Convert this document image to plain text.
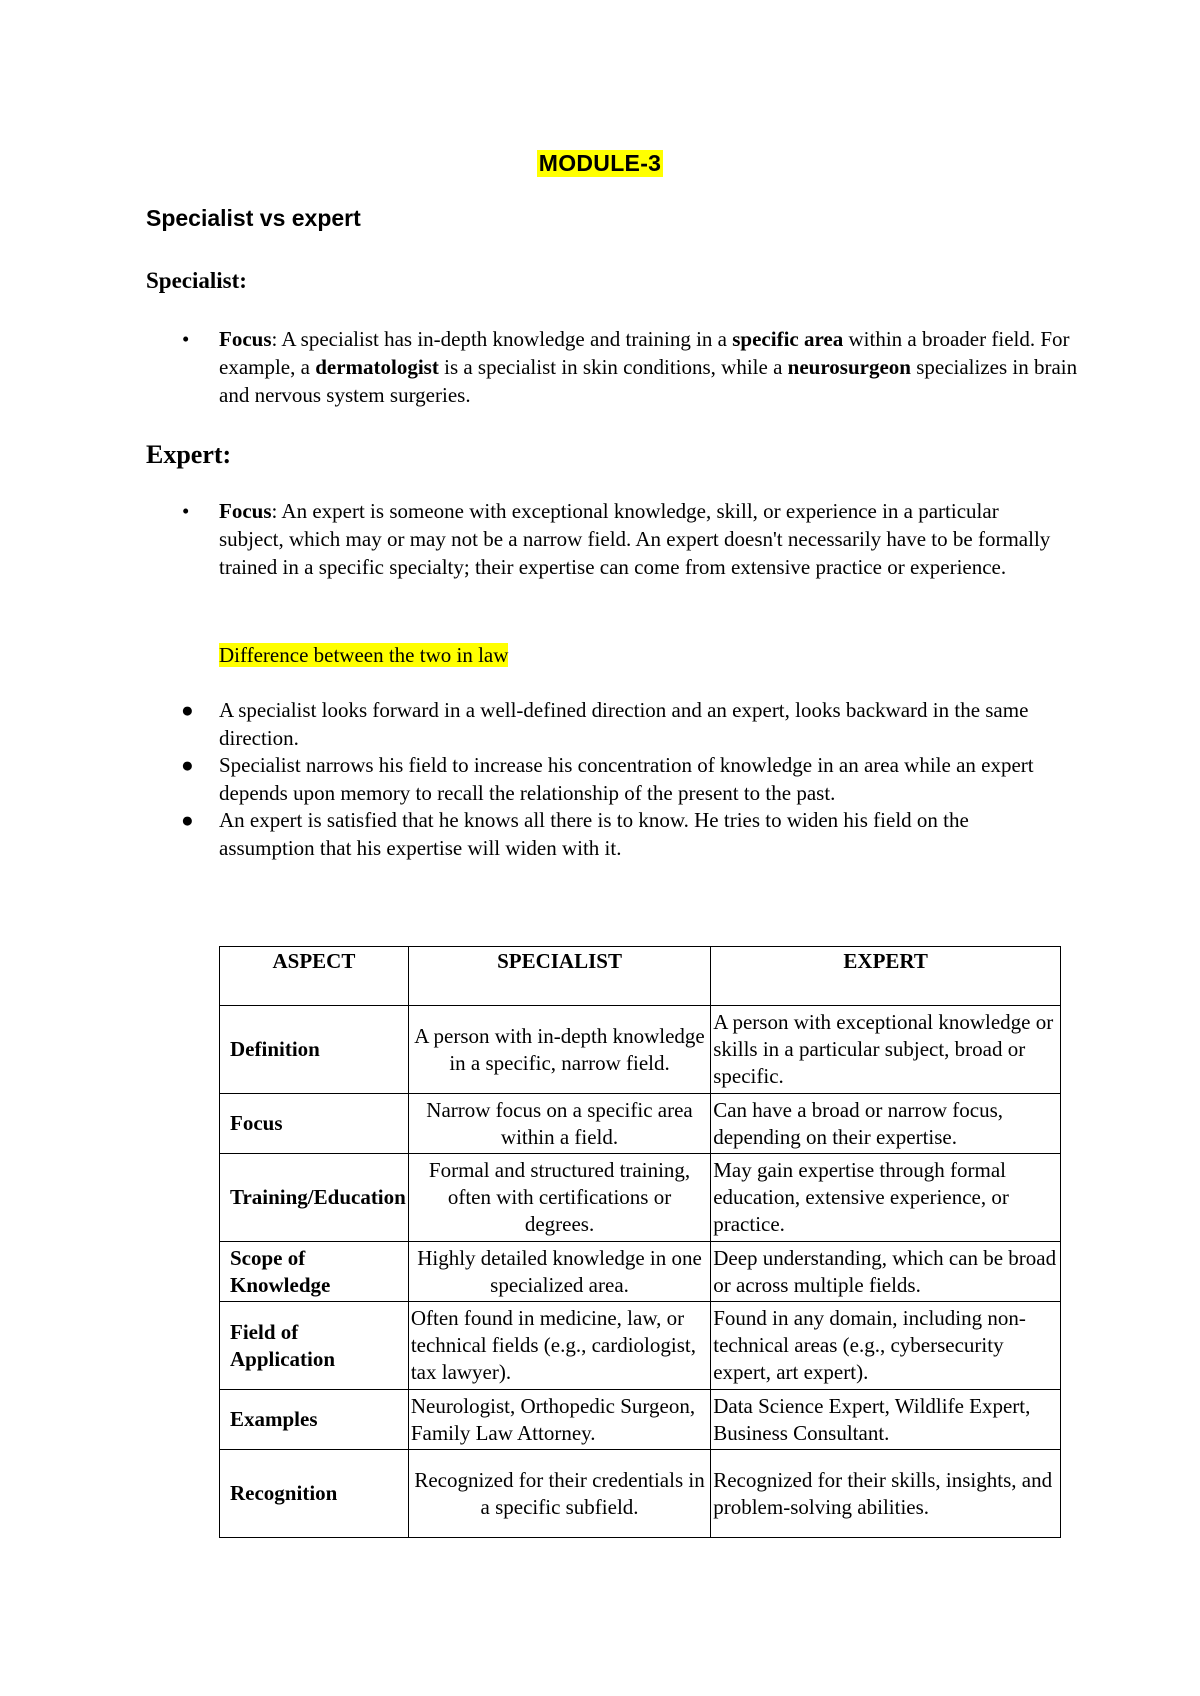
MODULE-3
Specialist vs expert
Specialist:
• Focus: A specialist has in-depth knowledge and training in a specific area within a broader field. For example, a dermatologist is a specialist in skin conditions, while a neurosurgeon specializes in brain and nervous system surgeries.
Expert:
• Focus: An expert is someone with exceptional knowledge, skill, or experience in a particular subject, which may or may not be a narrow field. An expert doesn't necessarily have to be formally trained in a specific specialty; their expertise can come from extensive practice or experience.
Difference between the two in law
● A specialist looks forward in a well-defined direction and an expert, looks backward in the same direction.
● Specialist narrows his field to increase his concentration of knowledge in an area while an expert depends upon memory to recall the relationship of the present to the past.
● An expert is satisfied that he knows all there is to know. He tries to widen his field on the assumption that his expertise will widen with it.
ASPECT	SPECIALIST	EXPERT
Definition	A person with in-depth knowledge in a specific, narrow field.	A person with exceptional knowledge or skills in a particular subject, broad or specific.
Focus	Narrow focus on a specific area within a field.	Can have a broad or narrow focus, depending on their expertise.
Training/Education	Formal and structured training, often with certifications or degrees.	May gain expertise through formal education, extensive experience, or practice.
Scope of Knowledge	Highly detailed knowledge in one specialized area.	Deep understanding, which can be broad or across multiple fields.
Field of Application	Often found in medicine, law, or technical fields (e.g., cardiologist, tax lawyer).	Found in any domain, including non-technical areas (e.g., cybersecurity expert, art expert).
Examples	Neurologist, Orthopedic Surgeon, Family Law Attorney.	Data Science Expert, Wildlife Expert, Business Consultant.
Recognition	Recognized for their credentials in a specific subfield.	Recognized for their skills, insights, and problem-solving abilities.
